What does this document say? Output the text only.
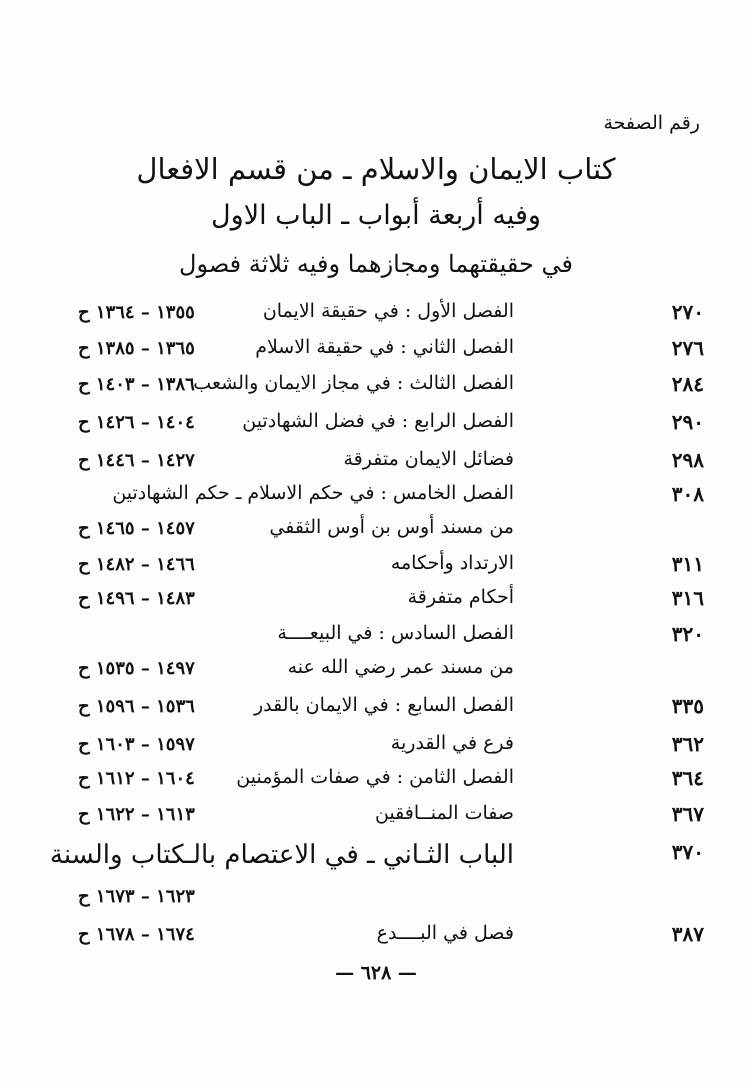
رقم الصفحة
كتاب الايمان والاسلام ـ من قسم الافعال
وفيه أربعة أبواب ـ الباب الاول
في حقيقتهما ومجازهما وفيه ثلاثة فصول
٢٧٠
الفصل الأول : في حقيقة الايمان
١٣٥٥ – ١٣٦٤ ح
٢٧٦
الفصل الثاني : في حقيقة الاسلام
١٣٦٥ – ١٣٨٥ ح
٢٨٤
الفصل الثالث : في مجاز الايمان والشعب
١٣٨٦ – ١٤٠٣ ح
٢٩٠
الفصل الرابع : في فضل الشهادتين
١٤٠٤ – ١٤٢٦ ح
٢٩٨
فضائل الايمان متفرقة
١٤٢٧ – ١٤٤٦ ح
٣٠٨
الفصل الخامس : في حكم الاسلام ـ حكم الشهادتين
من مسند أوس بن أوس الثقفي
١٤٥٧ – ١٤٦٥ ح
٣١١
الارتداد وأحكامه
١٤٦٦ – ١٤٨٢ ح
٣١٦
أحكام متفرقة
١٤٨٣ – ١٤٩٦ ح
٣٢٠
الفصل السادس : في البيعــــة
من مسند عمر رضي الله عنه
١٤٩٧ – ١٥٣٥ ح
٣٣٥
الفصل السابع : في الايمان بالقدر
١٥٣٦ – ١٥٩٦ ح
٣٦٢
فرع في القدرية
١٥٩٧ – ١٦٠٣ ح
٣٦٤
الفصل الثامن : في صفات المؤمنين
١٦٠٤ – ١٦١٢ ح
٣٦٧
صفات المنــافقين
١٦١٣ – ١٦٢٢ ح
٣٧٠
الباب الثـاني ـ في الاعتصام بالـكتاب والسنة
١٦٢٣ – ١٦٧٣ ح
٣٨٧
فصل في البــــدع
١٦٧٤ – ١٦٧٨ ح
— ٦٢٨ —
